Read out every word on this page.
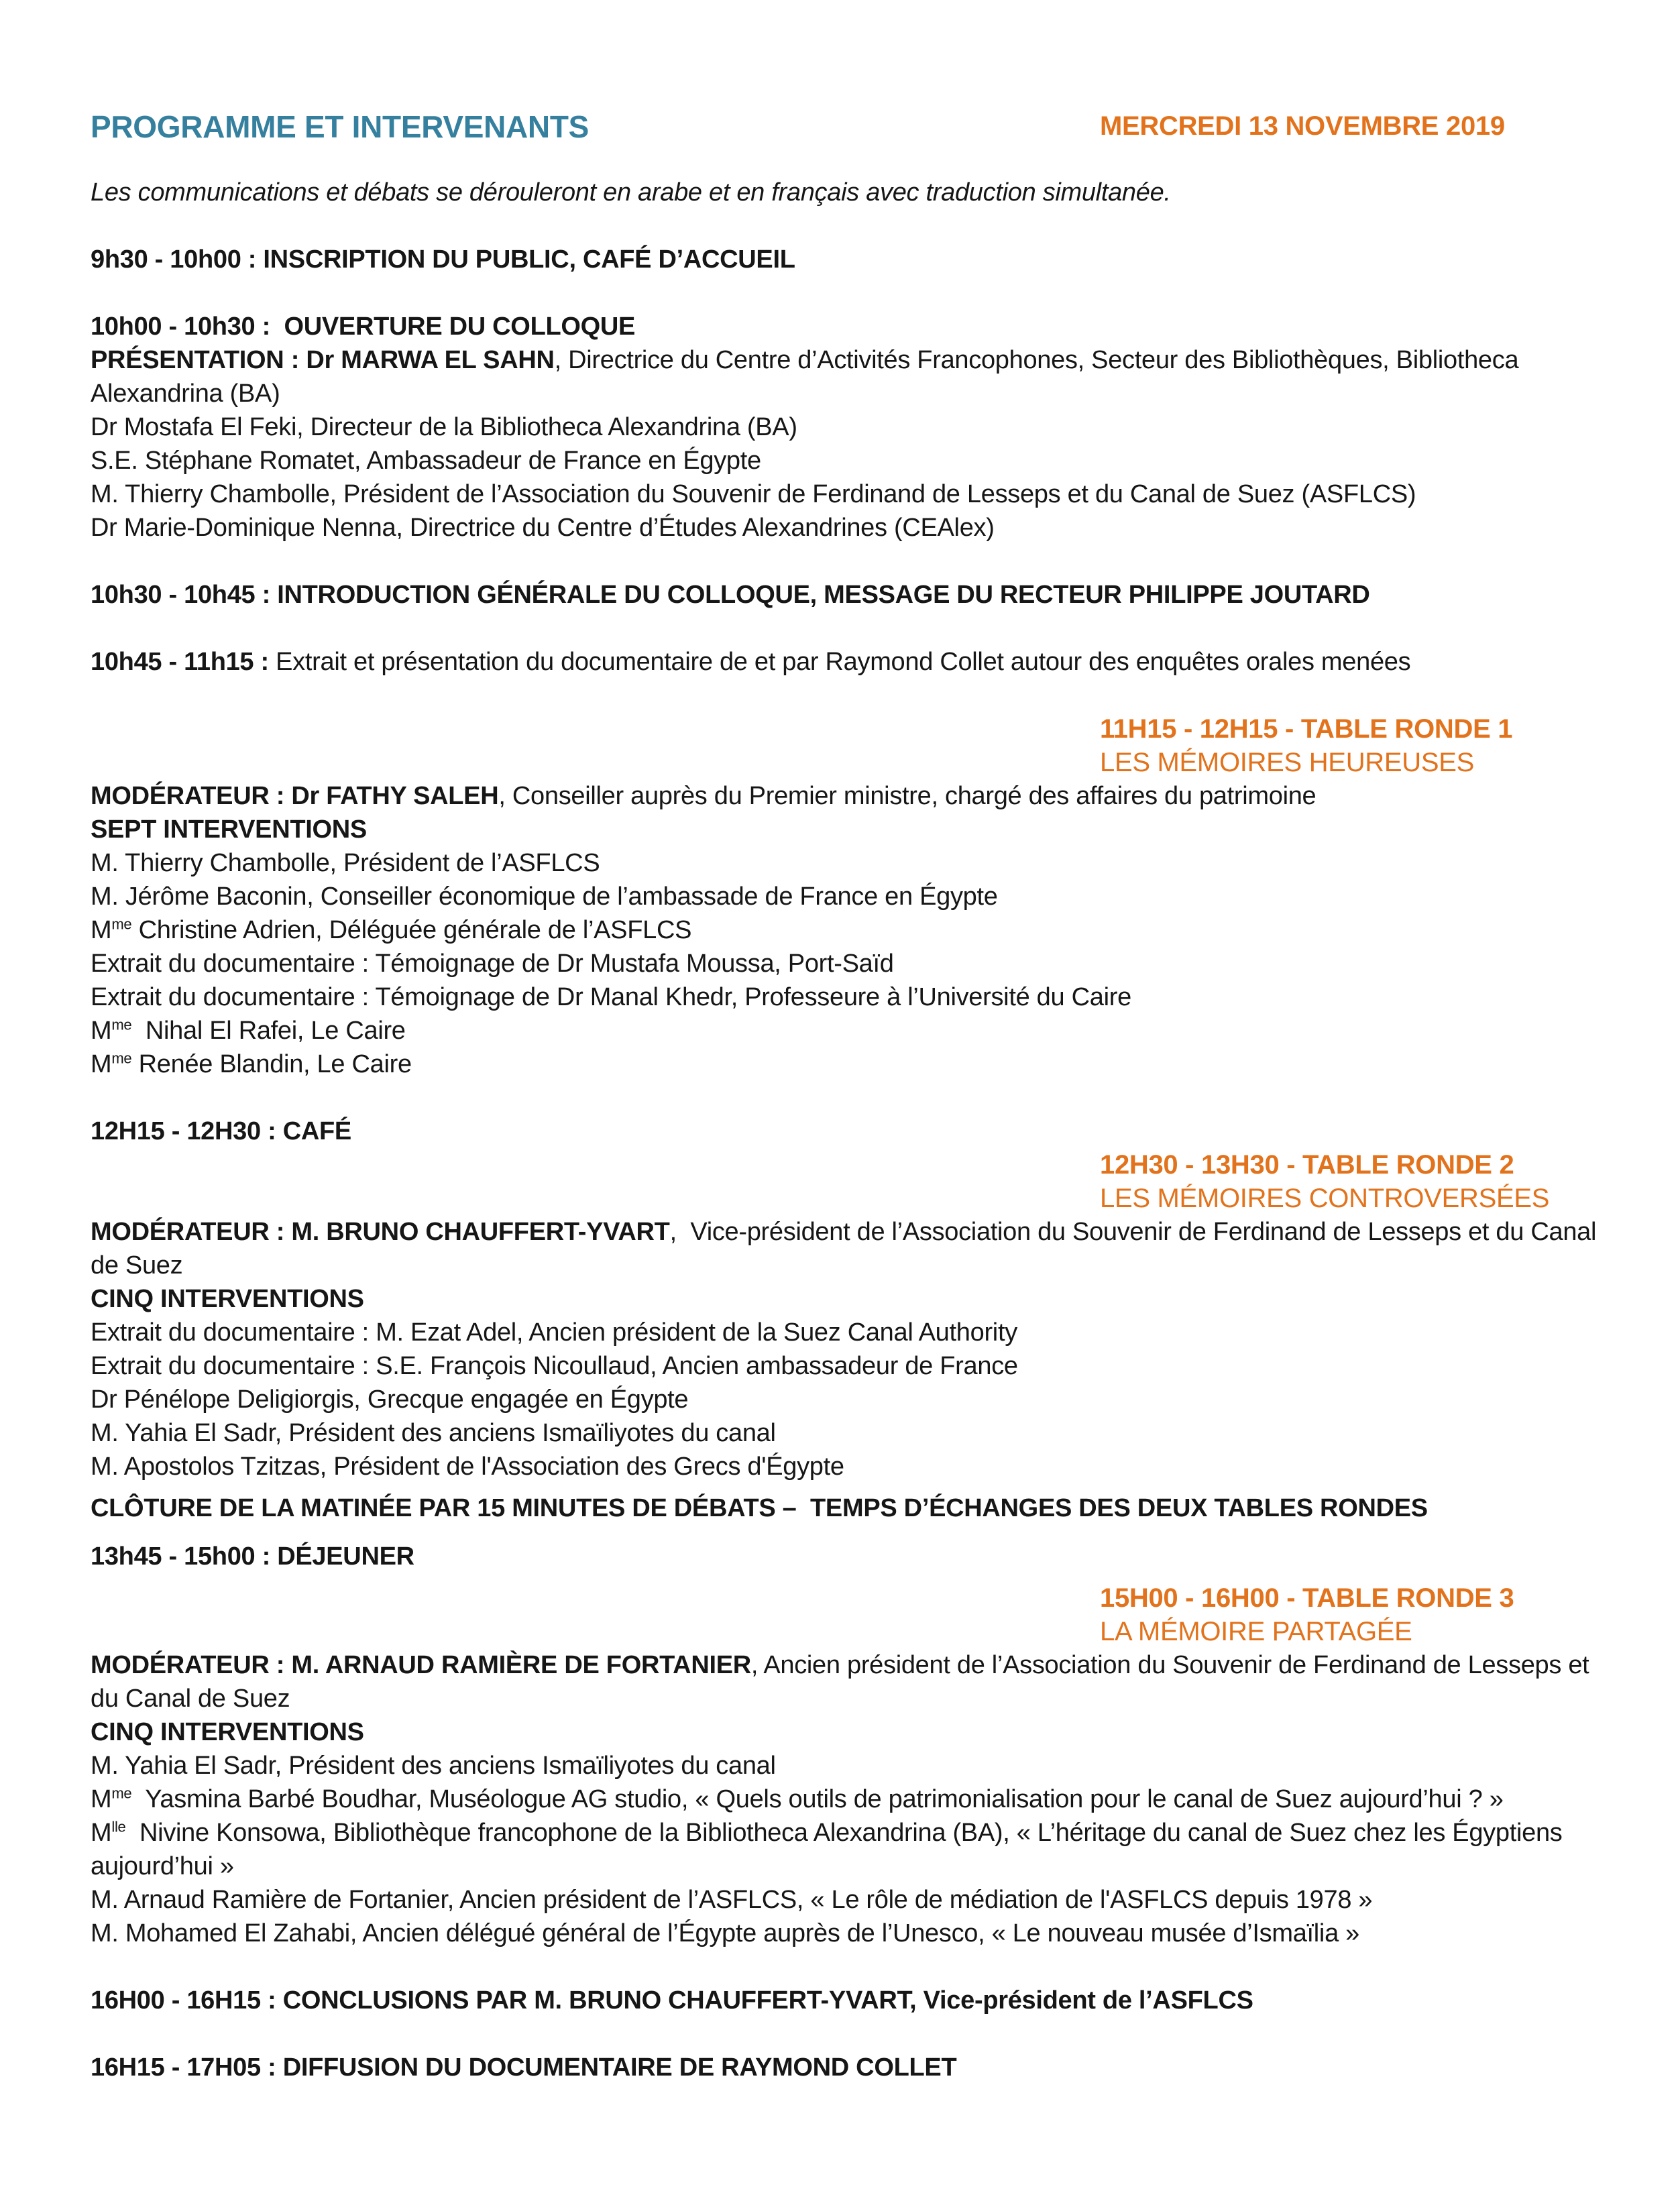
PROGRAMME ET INTERVENANTS	MERCREDI 13 NOVEMBRE 2019

Les communications et débats se dérouleront en arabe et en français avec traduction simultanée.

9h30 - 10h00 : INSCRIPTION DU PUBLIC, CAFÉ D’ACCUEIL

10h00 - 10h30 :  OUVERTURE DU COLLOQUE

PRÉSENTATION : Dr MARWA EL SAHN, Directrice du Centre d’Activités Francophones, Secteur des Bibliothèques, Bibliotheca Alexandrina (BA)

Dr Mostafa El Feki, Directeur de la Bibliotheca Alexandrina (BA)

S.E. Stéphane Romatet, Ambassadeur de France en Égypte

M. Thierry Chambolle, Président de l’Association du Souvenir de Ferdinand de Lesseps et du Canal de Suez (ASFLCS)

Dr Marie-Dominique Nenna, Directrice du Centre d’Études Alexandrines (CEAlex)

10h30 - 10h45 : INTRODUCTION GÉNÉRALE DU COLLOQUE, MESSAGE DU RECTEUR PHILIPPE JOUTARD

10h45 - 11h15 : Extrait et présentation du documentaire de et par Raymond Collet autour des enquêtes orales menées

11H15 - 12H15 - TABLE RONDE 1

LES MÉMOIRES HEUREUSES

MODÉRATEUR : Dr FATHY SALEH, Conseiller auprès du Premier ministre, chargé des affaires du patrimoine

SEPT INTERVENTIONS

M. Thierry Chambolle, Président de l’ASFLCS

M. Jérôme Baconin, Conseiller économique de l’ambassade de France en Égypte

$M^{me}$ Christine Adrien, Déléguée générale de l’ASFLCS

Extrait du documentaire : Témoignage de Dr Mustafa Moussa, Port-Saïd

Extrait du documentaire : Témoignage de Dr Manal Khedr, Professeure à l’Université du Caire

$M^{me}$  Nihal El Rafei, Le Caire

$M^{me}$ Renée Blandin, Le Caire

12H15 - 12H30 : CAFÉ

12H30 - 13H30 - TABLE RONDE 2

LES MÉMOIRES CONTROVERSÉES

MODÉRATEUR : M. BRUNO CHAUFFERT-YVART,  Vice-président de l’Association du Souvenir de Ferdinand de Lesseps et du Canal de Suez

CINQ INTERVENTIONS

Extrait du documentaire : M. Ezat Adel, Ancien président de la Suez Canal Authority

Extrait du documentaire : S.E. François Nicoullaud, Ancien ambassadeur de France

Dr Pénélope Deligiorgis, Grecque engagée en Égypte

M. Yahia El Sadr, Président des anciens Ismaïliyotes du canal

M. Apostolos Tzitzas, Président de l'Association des Grecs d'Égypte

CLÔTURE DE LA MATINÉE PAR 15 MINUTES DE DÉBATS –  TEMPS D’ÉCHANGES DES DEUX TABLES RONDES

13h45 - 15h00 : DÉJEUNER

15H00 - 16H00 - TABLE RONDE 3

LA MÉMOIRE PARTAGÉE

MODÉRATEUR : M. ARNAUD RAMIÈRE DE FORTANIER, Ancien président de l’Association du Souvenir de Ferdinand de Lesseps et du Canal de Suez

CINQ INTERVENTIONS

M. Yahia El Sadr, Président des anciens Ismaïliyotes du canal

$M^{me}$  Yasmina Barbé Boudhar, Muséologue AG studio, « Quels outils de patrimonialisation pour le canal de Suez aujourd’hui ? »

$M^{lle}$  Nivine Konsowa, Bibliothèque francophone de la Bibliotheca Alexandrina (BA), « L’héritage du canal de Suez chez les Égyptiens aujourd’hui »

M. Arnaud Ramière de Fortanier, Ancien président de l’ASFLCS, « Le rôle de médiation de l'ASFLCS depuis 1978 »

M. Mohamed El Zahabi, Ancien délégué général de l’Égypte auprès de l’Unesco, « Le nouveau musée d’Ismaïlia »

16H00 - 16H15 : CONCLUSIONS PAR M. BRUNO CHAUFFERT-YVART, Vice-président de l’ASFLCS

16H15 - 17H05 : DIFFUSION DU DOCUMENTAIRE DE RAYMOND COLLET
